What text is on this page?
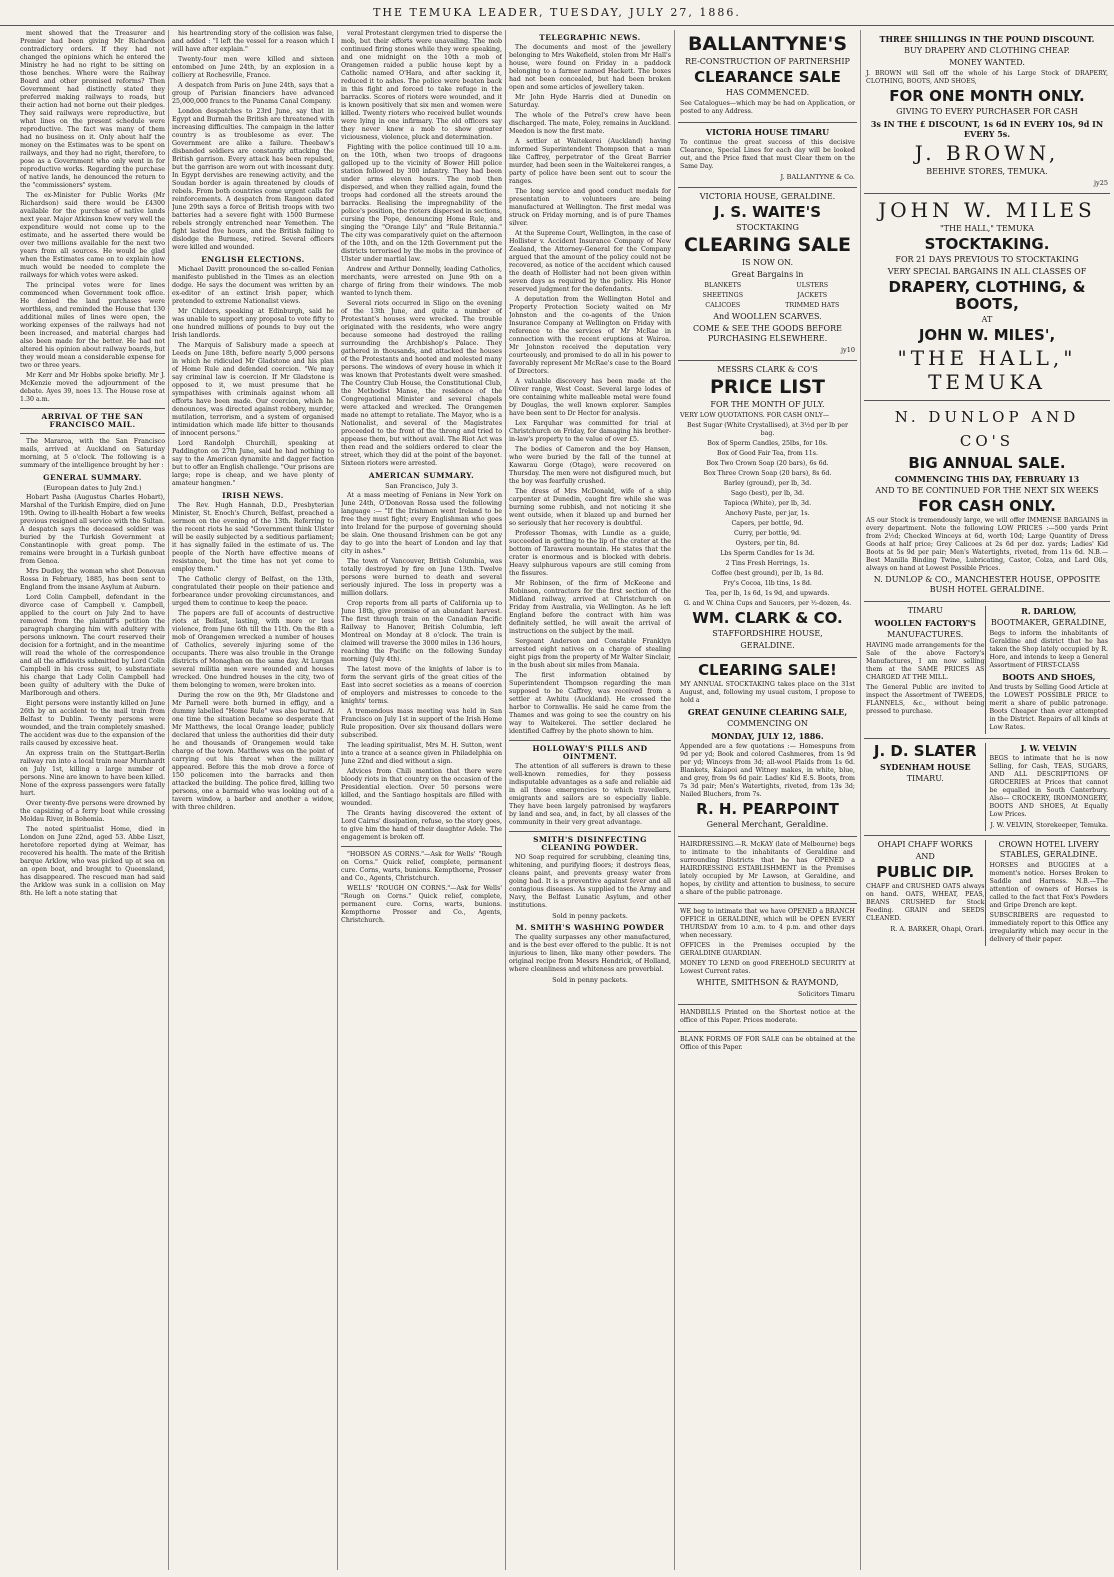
THE TEMUKA LEADER, TUESDAY, JULY 27, 1886.

ment showed that the Treasurer and Premier had been giving Mr Richardson contradictory orders. If they had not changed the opinions which he entered the Ministry he had no right to be sitting on those benches. Where were the Railway Board and other promised reforms? Then Government had distinctly stated they preferred making railways to roads, but their action had not borne out their pledges. They said railways were reproductive, but what lines on the present schedule were reproductive. The fact was many of them had no business on it. Only about half the money on the Estimates was to be spent on railways, and they had no right, therefore, to pose as a Government who only went in for reproductive works. Regarding the purchase of native lands, he denounced the return to the "commissioners" system.

The ex-Minister for Public Works (Mr Richardson) said there would be £4300 available for the purchase of native lands next year. Major Atkinson knew very well the expenditure would not come up to the estimate, and he asserted there would be over two millions available for the next two years from all sources. He would be glad when the Estimates came on to explain how much would be needed to complete the railways for which votes were asked.

The principal votes were for lines commenced when Government took office. He denied the land purchases were worthless, and reminded the House that 130 additional miles of lines were open, the working expenses of the railways had not been increased, and material charges had also been made for the better. He had not altered his opinion about railway boards, but they would mean a considerable expense for two or three years.

Mr Kerr and Mr Hobbs spoke briefly. Mr J. McKenzie moved the adjournment of the debate. Ayes 39, noes 13. The House rose at 1.30 a.m.

ARRIVAL OF THE SAN FRANCISCO MAIL.

The Mararoa, with the San Francisco mails, arrived at Auckland on Saturday morning, at 5 o'clock. The following is a summary of the intelligence brought by her :

GENERAL SUMMARY.

(European dates to July 2nd.)

Hobart Pasha (Augustus Charles Hobart), Marshal of the Turkish Empire, died on June 19th. Owing to ill-health Hobart a few weeks previous resigned all service with the Sultan. A despatch says the deceased soldier was buried by the Turkish Government at Constantinople with great pomp. The remains were brought in a Turkish gunboat from Genoa.

Mrs Dudley, the woman who shot Donovan Rossa in February, 1885, has been sent to England from the insane Asylum at Auburn.

Lord Colin Campbell, defendant in the divorce case of Campbell v. Campbell, applied to the court on July 2nd to have removed from the plaintiff's petition the paragraph charging him with adultery with persons unknown. The court reserved their decision for a fortnight, and in the meantime will read the whole of the correspondence and all the affidavits submitted by Lord Colin Campbell in his cross suit, to substantiate his charge that Lady Colin Campbell had been guilty of adultery with the Duke of Marlborough and others.

Eight persons were instantly killed on June 26th by an accident to the mail train from Belfast to Dublin. Twenty persons were wounded, and the train completely smashed. The accident was due to the expansion of the rails caused by excessive heat.

An express train on the Stuttgart-Berlin railway ran into a local train near Murnhardt on July 1st, killing a large number of persons. Nine are known to have been killed. None of the express passengers were fatally hurt.

Over twenty-five persons were drowned by the capsizing of a ferry boat while crossing Moldau River, in Bohemia.

The noted spiritualist Home, died in London on June 22nd, aged 53. Abbe Liszt, heretofore reported dying at Weimar, has recovered his health. The mate of the British barque Arklow, who was picked up at sea on an open boat, and brought to Queensland, has disappeared. The rescued man had said the Arklow was sunk in a collision on May 8th. He left a note stating that

his heartrending story of the collision was false, and added : "I left the vessel for a reason which I will have after explain."

Twenty-four men were killed and sixteen entombed on June 24th, by an explosion in a colliery at Rochesville, France.

A despatch from Paris on June 24th, says that a group of Parisian financiers have advanced 25,000,000 francs to the Panama Canal Company.

London despatches to 23rd June, say that in Egypt and Burmah the British are threatened with increasing difficulties. The campaign in the latter country is as troublesome as ever. The Government are alike a failure. Theebaw's disbanded soldiers are constantly attacking the British garrison. Every attack has been repulsed, but the garrison are worn out with incessant duty. In Egypt dervishes are renewing activity, and the Soudan border is again threatened by clouds of rebels. From both countries come urgent calls for reinforcements. A despatch from Rangoon dated June 29th says a force of British troops with two batteries had a severe fight with 1500 Burmese rebels strongly entrenched near Yemethen. The fight lasted five hours, and the British failing to dislodge the Burmese, retired. Several officers were killed and wounded.

ENGLISH ELECTIONS.

Michael Davitt pronounced the so-called Fenian manifesto published in the Times as an election dodge. He says the document was written by an ex-editor of an extinct Irish paper, which pretended to extreme Nationalist views.

Mr Childers, speaking at Edinburgh, said he was unable to support any proposal to vote fifty to one hundred millions of pounds to buy out the Irish landlords.

The Marquis of Salisbury made a speech at Leeds on June 18th, before nearly 5,000 persons in which he ridiculed Mr Gladstone and his plan of Home Rule and defended coercion. "We may say criminal law is coercion. If Mr Gladstone is opposed to it, we must presume that he sympathises with criminals against whom all efforts have been made. Our coercion, which he denounces, was directed against robbery, murder, mutilation, terrorism, and a system of organised intimidation which made life bitter to thousands of innocent persons."

Lord Randolph Churchill, speaking at Paddington on 27th June, said he had nothing to say to the American dynamite and dagger faction but to offer an English challenge. "Our prisons are large; rope is cheap, and we have plenty of amateur hangmen."

IRISH NEWS.

The Rev. Hugh Hannah, D.D., Presbyterian Minister, St. Enoch's Church, Belfast, preached a sermon on the evening of the 13th. Referring to the recent riots he said "Government think Ulster will be easily subjected by a seditious parliament; it has signally failed in the estimate of us. The people of the North have effective means of resistance, but the time has not yet come to employ them."

The Catholic clergy of Belfast, on the 13th, congratulated their people on their patience and forbearance under provoking circumstances, and urged them to continue to keep the peace.

The papers are full of accounts of destructive riots at Belfast, lasting, with more or less violence, from June 6th till the 11th. On the 8th a mob of Orangemen wrecked a number of houses of Catholics, severely injuring some of the occupants. There was also trouble in the Orange districts of Monaghan on the same day. At Lurgan several militia men were wounded and houses wrecked. One hundred houses in the city, two of them belonging to women, were broken into.

During the row on the 9th, Mr Gladstone and Mr Parnell were both burned in effigy, and a dummy labelled "Home Rule" was also burned. At one time the situation became so desperate that Mr Matthews, the local Orange leader, publicly declared that unless the authorities did their duty he and thousands of Orangemen would take charge of the town. Matthews was on the point of carrying out his threat when the military appeared. Before this the mob drove a force of 150 policemen into the barracks and then attacked the building. The police fired, killing two persons, one a barmaid who was looking out of a tavern window, a barber and another a widow, with three children.

veral Protestant clergymen tried to disperse the mob, but their efforts were unavailing. The mob continued firing stones while they were speaking, and one midnight on the 10th a mob of Orangemen raided a public house kept by a Catholic named O'Hara, and after sacking it, reduced it to ashes. The police were beaten back in this fight and forced to take refuge in the barracks. Scores of rioters were wounded, and it is known positively that six men and women were killed. Twenty rioters who received bullet wounds were lying in one infirmary. The old officers say they never knew a mob to show greater viciousness, violence, pluck and determination.

Fighting with the police continued till 10 a.m. on the 10th, when two troops of dragoons galloped up to the vicinity of Bower Hill police station followed by 300 infantry. They had been under arms eleven hours. The mob then dispersed, and when they rallied again, found the troops had cordoned all the streets around the barracks. Realising the impregnability of the police's position, the rioters dispersed in sections, cursing the Pope, denouncing Home Rule, and singing the "Orange Lily" and "Rule Britannia." The city was comparatively quiet on the afternoon of the 10th, and on the 12th Government put the districts terrorised by the mobs in the province of Ulster under martial law.

Andrew and Arthur Donnelly, leading Catholics, merchants, were arrested on June 9th on a charge of firing from their windows. The mob wanted to lynch them.

Several riots occurred in Sligo on the evening of the 13th June, and quite a number of Protestant's houses were wrecked. The trouble originated with the residents, who were angry because someone had destroyed the railing surrounding the Archbishop's Palace. They gathered in thousands, and attacked the houses of the Protestants and hooted and molested many persons. The windows of every house in which it was known that Protestants dwelt were smashed. The Country Club House, the Constitutional Club, the Methodist Manse, the residence of the Congregational Minister and several chapels were attacked and wrecked. The Orangemen made no attempt to retaliate. The Mayor, who is a Nationalist, and several of the Magistrates proceeded to the front of the throng and tried to appease them, but without avail. The Riot Act was then read and the soldiers ordered to clear the street, which they did at the point of the bayonet. Sixteen rioters were arrested.

AMERICAN SUMMARY.

San Francisco, July 3.

At a mass meeting of Fenians in New York on June 24th, O'Donovan Rossa used the following language :— "If the Irishmen went Ireland to be free they must fight; every Englishman who goes into Ireland for the purpose of governing should be slain. One thousand Irishmen can be got any day to go into the heart of London and lay that city in ashes."

The town of Vancouver, British Columbia, was totally destroyed by fire on June 13th. Twelve persons were burned to death and several seriously injured. The loss in property was a million dollars.

Crop reports from all parts of California up to June 18th, give promise of an abundant harvest. The first through train on the Canadian Pacific Railway to Hanover, British Columbia, left Montreal on Monday at 8 o'clock. The train is claimed will traverse the 3000 miles in 136 hours, reaching the Pacific on the following Sunday morning (July 4th).

The latest move of the knights of labor is to form the servant girls of the great cities of the East into secret societies as a means of coercion of employers and mistresses to concede to the knights' terms.

A tremendous mass meeting was held in San Francisco on July 1st in support of the Irish Home Rule proposition. Over six thousand dollars were subscribed.

The leading spiritualist, Mrs M. H. Sutton, went into a trance at a seance given in Philadelphia on June 22nd and died without a sign.

Advices from Chili mention that there were bloody riots in that country on the occasion of the Presidential election. Over 50 persons were killed, and the Santiago hospitals are filled with wounded.

The Grants having discovered the extent of Lord Cairns' dissipation, refuse, so the story goes, to give him the hand of their daughter Adele. The engagement is broken off.

"HOBSON AS CORNS."—Ask for Wells' "Rough on Corns." Quick relief, complete, permanent cure. Corns, warts, bunions. Kempthorne, Prosser and Co., Agents, Christchurch.

WELLS' "ROUGH ON CORNS."—Ask for Wells' "Rough on Corns." Quick relief, complete, permanent cure. Corns, warts, bunions. Kempthorne Prosser and Co., Agents, Christchurch.

TELEGRAPHIC NEWS.

The documents and most of the jewellery belonging to Mrs Wakefield, stolen from Mr Hall's house, were found on Friday in a paddock belonging to a farmer named Hackett. The boxes had not been concealed, but had been broken open and some articles of jewellery taken.

Mr John Hyde Harris died at Dunedin on Saturday.

The whole of the Petrel's crew have been discharged. The mate, Foley, remains in Auckland. Meedon is now the first mate.

A settler at Waitekerei (Auckland) having informed Superintendent Thompson that a man like Caffrey, perpetrator of the Great Barrier murder, had been seen in the Waitekerei ranges, a party of police have been sent out to scour the ranges.

The long service and good conduct medals for presentation to volunteers are being manufactured at Wellington. The first medal was struck on Friday morning, and is of pure Thames silver.

At the Supreme Court, Wellington, in the case of Hollister v. Accident Insurance Company of New Zealand, the Attorney-General for the Company argued that the amount of the policy could not be recovered, as notice of the accident which caused the death of Hollister had not been given within seven days as required by the policy. His Honor reserved judgment for the defendants.

A deputation from the Wellington Hotel and Property Protection Society waited on Mr Johnston and the co-agents of the Union Insurance Company at Wellington on Friday with reference to the services of Mr McRae in connection with the recent eruptions at Wairoa. Mr Johnston received the deputation very courteously, and promised to do all in his power to favorably represent Mr McRae's case to the Board of Directors.

A valuable discovery has been made at the Oliver range, West Coast. Several large lodes of ore containing white malleable metal were found by Douglas, the well known explorer. Samples have been sent to Dr Hector for analysis.

Lex Farquhar was committed for trial at Christchurch on Friday, for damaging his brother-in-law's property to the value of over £5.

The bodies of Cameron and the boy Hansen, who were buried by the fall of the tunnel at Kawarau Gorge (Otago), were recovered on Thursday. The men were not disfigured much, but the boy was fearfully crushed.

The dress of Mrs McDonald, wife of a ship carpenter at Dunedin, caught fire while she was burning some rubbish, and not noticing it she went outside, when it blazed up and burned her so seriously that her recovery is doubtful.

Professor Thomas, with Lundie as a guide, succeeded in getting to the lip of the crater at the bottom of Tarawera mountain. He states that the crater is enormous and is blocked with debris. Heavy sulphurous vapours are still coming from the fissures.

Mr Robinson, of the firm of McKeone and Robinson, contractors for the first section of the Midland railway, arrived at Christchurch on Friday from Australia, via Wellington. As he left England before the contract with him was definitely settled, he will await the arrival of instructions on the subject by the mail.

Sergeant Anderson and Constable Franklyn arrested eight natives on a charge of stealing eight pigs from the property of Mr Walter Sinclair, in the bush about six miles from Manaia.

The first information obtained by Superintendent Thompson regarding the man supposed to be Caffrey, was received from a settler at Awhitu (Auckland). He crossed the harbor to Cornwallis. He said he came from the Thames and was going to see the country on his way to Waitekerei. The settler declared he identified Caffrey by the photo shown to him.

HOLLOWAY'S PILLS AND OINTMENT.

The attention of all sufferers is drawn to these well-known remedies, for they possess indisputable advantages as a safe and reliable aid in all those emergencies to which travellers, emigrants and sailors are so especially liable. They have been largely patronised by wayfarers by land and sea, and, in fact, by all classes of the community in their very great advantage.

SMITH'S DISINFECTING CLEANING POWDER.

NO Soap required for scrubbing, cleaning tins, whitening, and purifying floors; it destroys fleas, cleans paint, and prevents greasy water from going bad. It is a preventive against fever and all contagious diseases. As supplied to the Army and Navy, the Belfast Lunatic Asylum, and other institutions.

Sold in penny packets.

M. SMITH'S WASHING POWDER

The quality surpasses any other manufactured, and is the best ever offered to the public. It is not injurious to linen, like many other powders. The original recipe from Messrs Hendrick, of Holland, where cleanliness and whiteness are proverbial.

Sold in penny packets.

BALLANTYNE'S

RE-CONSTRUCTION OF PARTNERSHIP

CLEARANCE SALE

HAS COMMENCED.

See Catalogues—which may be had on Application, or posted to any Address.

VICTORIA HOUSE TIMARU

To continue the great success of this decisive Clearance, Special Lines for each day will be looked out, and the Price fixed that must Clear them on the Same Day.

J. BALLANTYNE & Co.

VICTORIA HOUSE, GERALDINE.

J. S. WAITE'S

STOCKTAKING

CLEARING SALE

IS NOW ON.

Great Bargains in

BLANKETS

SHEETINGS

CALICOES

ULSTERS

JACKETS

TRIMMED HATS

And WOOLLEN SCARVES.

COME & SEE THE GOODS BEFORE PURCHASING ELSEWHERE.

jy10

MESSRS CLARK & CO'S

PRICE LIST

FOR THE MONTH OF JULY.

VERY LOW QUOTATIONS. FOR CASH ONLY—

Best Sugar (White Crystallised), at 3½d per lb per bag.

Box of Sperm Candles, 25lbs, for 10s.

Box of Good Fair Tea, from 11s.

Box Two Crown Soap (20 bars), 6s 6d.

Box Three Crown Soap (20 bars), 8s 6d.

Barley (ground), per lb, 3d.

Sago (best), per lb, 3d.

Tapioca (White), per lb, 3d.

Anchovy Paste, per jar, 1s.

Capers, per bottle, 9d.

Curry, per bottle, 9d.

Oysters, per tin, 8d.

Lbs Sperm Candles for 1s 3d.

2 Tins Fresh Herrings, 1s.

Coffee (best ground), per lb, 1s 8d.

Fry's Cocoa, 1lb tins, 1s 8d.

Tea, per lb, 1s 6d, 1s 9d, and upwards.

G. and W. China Cups and Saucers, per ½-dozen, 4s.

WM. CLARK & CO.

STAFFORDSHIRE HOUSE,

GERALDINE.

CLEARING SALE!

MY ANNUAL STOCKTAKING takes place on the 31st August, and, following my usual custom, I propose to hold a

GREAT GENUINE CLEARING SALE,

COMMENCING ON

MONDAY, JULY 12, 1886.

Appended are a few quotations :— Homespuns from 9d per yd; Book and colored Cashmeres, from 1s 9d per yd; Winceys from 3d; all-wool Plaids from 1s 6d. Blankets, Kaiapoi and Witney makes, in white, blue, and grey, from 9s 6d pair. Ladies' Kid E.S. Boots, from 7s 3d pair; Men's Watertights, riveted, from 13s 3d; Nailed Bluchers, from 7s.

R. H. PEARPOINT

General Merchant, Geraldine.

HAIRDRESSING.—R. McKAY (late of Melbourne) begs to intimate to the inhabitants of Geraldine and surrounding Districts that he has OPENED a HAIRDRESSING ESTABLISHMENT in the Premises lately occupied by Mr Lawson, at Geraldine, and hopes, by civility and attention to business, to secure a share of the public patronage.

WE beg to intimate that we have OPENED a BRANCH OFFICE in GERALDINE, which will be OPEN EVERY THURSDAY from 10 a.m. to 4 p.m. and other days when necessary.

OFFICES in the Premises occupied by the GERALDINE GUARDIAN.

MONEY TO LEND on good FREEHOLD SECURITY at Lowest Current rates.

WHITE, SMITHSON & RAYMOND,

Solicitors Timaru

HANDBILLS Printed on the Shortest notice at the office of this Paper. Prices moderate.

BLANK FORMS OF FOR SALE can be obtained at the Office of this Paper.

THREE SHILLINGS IN THE POUND DISCOUNT.

BUY DRAPERY AND CLOTHING CHEAP.

MONEY WANTED.

J. BROWN will Sell off the whole of his Large Stock of DRAPERY, CLOTHING, BOOTS, AND SHOES,

FOR ONE MONTH ONLY.

GIVING TO EVERY PURCHASER FOR CASH

3s IN THE £ DISCOUNT, 1s 6d IN EVERY 10s, 9d IN EVERY 5s.

J. BROWN,

BEEHIVE STORES, TEMUKA.

jy25

JOHN W. MILES

"THE HALL," TEMUKA

STOCKTAKING.

FOR 21 DAYS PREVIOUS TO STOCKTAKING

VERY SPECIAL BARGAINS IN ALL CLASSES OF

DRAPERY, CLOTHING, & BOOTS,

AT

JOHN W. MILES',

"THE HALL," TEMUKA

N. DUNLOP AND CO'S

BIG ANNUAL SALE.

COMMENCING THIS DAY, FEBRUARY 13

AND TO BE CONTINUED FOR THE NEXT SIX WEEKS

FOR CASH ONLY.

AS our Stock is tremendously large, we will offer IMMENSE BARGAINS in every department. Note the following LOW PRICES :—500 yards Print from 2½d; Checked Winceys at 6d, worth 10d; Large Quantity of Dress Goods at half price; Grey Calicoes at 2s 6d per doz. yards; Ladies' Kid Boots at 5s 9d per pair; Men's Watertights, riveted, from 11s 6d. N.B.—Best Manilla Binding Twine, Lubricating, Castor, Colza, and Lard Oils, always on hand at Lowest Possible Prices.

N. DUNLOP & CO., MANCHESTER HOUSE, OPPOSITE BUSH HOTEL GERALDINE.

TIMARU

WOOLLEN FACTORY'S

MANUFACTURES.

HAVING made arrangements for the Sale of the above Factory's Manufactures, I am now selling them at the SAME PRICES AS CHARGED AT THE MILL.

The General Public are invited to inspect the Assortment of TWEEDS, FLANNELS, &c., without being pressed to purchase.

R. DARLOW,

BOOTMAKER, GERALDINE,

Begs to inform the inhabitants of Geraldine and district that he has taken the Shop lately occupied by R. Hore, and intends to keep a General Assortment of FIRST-CLASS

BOOTS AND SHOES,

And trusts by Selling Good Article at the LOWEST POSSIBLE PRICE to merit a share of public patronage. Boots Cheaper than ever attempted in the District. Repairs of all kinds at Low Rates.

J. D. SLATER

SYDENHAM HOUSE

TIMARU.

J. W. VELVIN

BEGS to intimate that he is now Selling, for Cash, TEAS, SUGARS, AND ALL DESCRIPTIONS OF GROCERIES at Prices that cannot be equalled in South Canterbury. Also— CROCKERY, IRONMONGERY, BOOTS AND SHOES, At Equally Low Prices.

J. W. VELVIN, Storekeeper, Temuka.

OHAPI CHAFF WORKS

AND

PUBLIC DIP.

CHAFF and CRUSHED OATS always on hand. OATS, WHEAT, PEAS, BEANS CRUSHED for Stock Feeding. GRAIN and SEEDS CLEANED.

R. A. BARKER, Ohapi, Orari.

CROWN HOTEL LIVERY STABLES, GERALDINE.

HORSES and BUGGIES at a moment's notice. Horses Broken to Saddle and Harness. N.B.—The attention of owners of Horses is called to the fact that Fox's Powders and Gripe Drench are kept.

SUBSCRIBERS are requested to immediately report to this Office any irregularity which may occur in the delivery of their paper.
